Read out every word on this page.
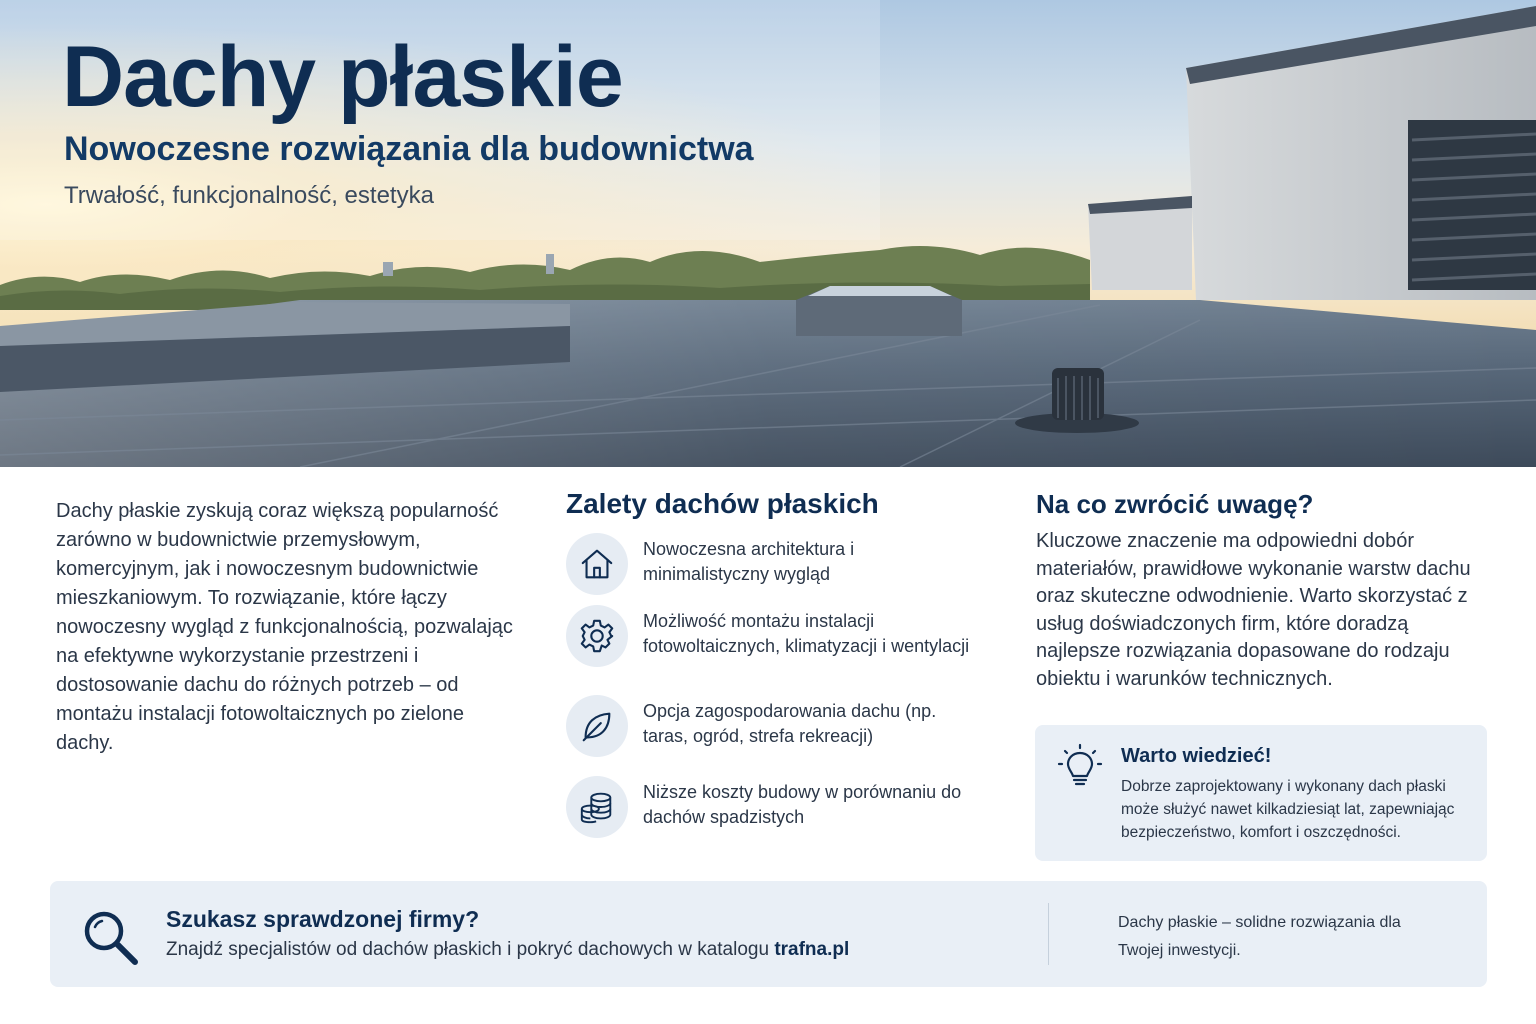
Dachy płaskie
Nowoczesne rozwiązania dla budownictwa
Trwałość, funkcjonalność, estetyka

Dachy płaskie zyskują coraz większą popularność zarówno w budownictwie przemysłowym, komercyjnym, jak i nowoczesnym budownictwie mieszkaniowym. To rozwiązanie, które łączy nowoczesny wygląd z funkcjonalnością, pozwalając na efektywne wykorzystanie przestrzeni i dostosowanie dachu do różnych potrzeb – od montażu instalacji fotowoltaicznych po zielone dachy.

Zalety dachów płaskich
Nowoczesna architektura i minimalistyczny wygląd
Możliwość montażu instalacji fotowoltaicznych, klimatyzacji i wentylacji
Opcja zagospodarowania dachu (np. taras, ogród, strefa rekreacji)
Niższe koszty budowy w porównaniu do dachów spadzistych
Na co zwrócić uwagę?

Kluczowe znaczenie ma odpowiedni dobór materiałów, prawidłowe wykonanie warstw dachu oraz skuteczne odwodnienie. Warto skorzystać z usług doświadczonych firm, które doradzą najlepsze rozwiązania dopasowane do rodzaju obiektu i warunków technicznych.

Warto wiedzieć!
Dobrze zaprojektowany i wykonany dach płaski może służyć nawet kilkadziesiąt lat, zapewniając bezpieczeństwo, komfort i oszczędności.
Szukasz sprawdzonej firmy?
Znajdź specjalistów od dachów płaskich i pokryć dachowych w katalogu trafna.pl
Dachy płaskie – solidne rozwiązania dla Twojej inwestycji.
